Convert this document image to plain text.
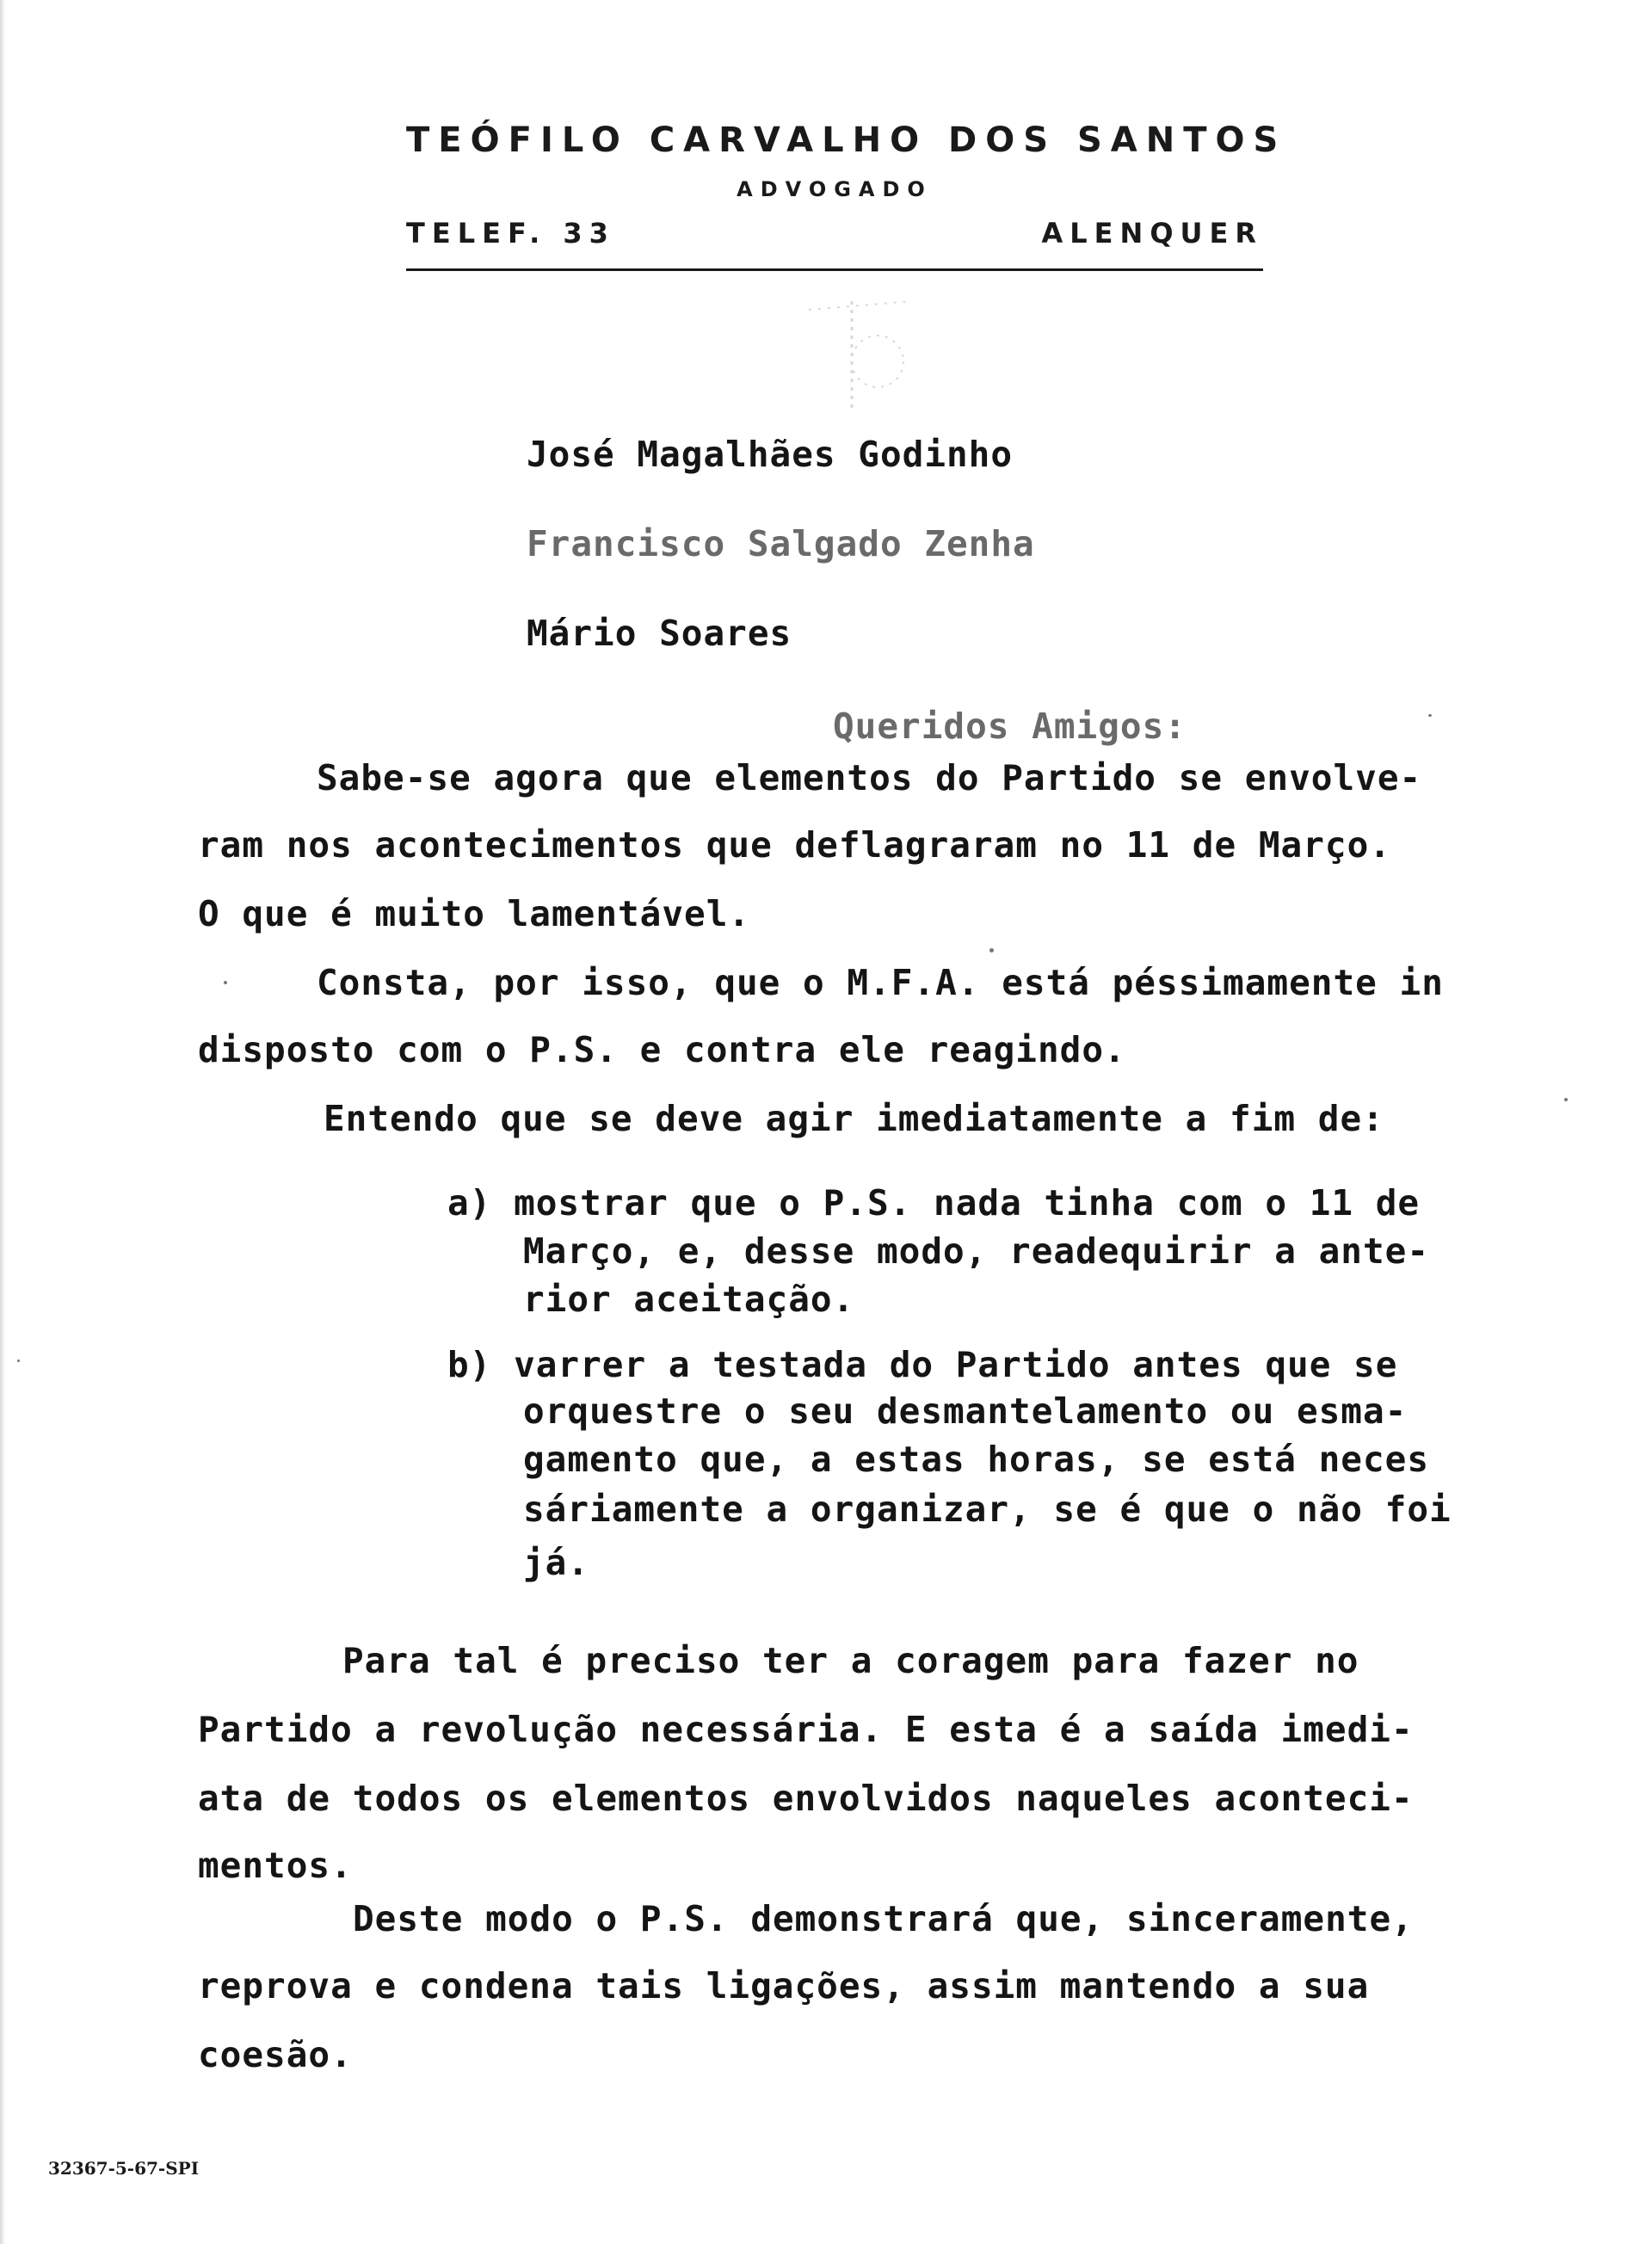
TEÓFILO CARVALHO DOS SANTOS
ADVOGADO
TELEF. 33	ALENQUER
José Magalhães Godinho
Francisco Salgado Zenha
Mário Soares
Queridos Amigos:
Sabe-se agora que elementos do Partido se envolve-
ram nos acontecimentos que deflagraram no 11 de Março.
O que é muito lamentável.
Consta, por isso, que o M.F.A. está péssimamente in
disposto com o P.S. e contra ele reagindo.
Entendo que se deve agir imediatamente a fim de:
a) mostrar que o P.S. nada tinha com o 11 de
Março, e, desse modo, readequirir a ante-
rior aceitação.
b) varrer a testada do Partido antes que se
orquestre o seu desmantelamento ou esma-
gamento que, a estas horas, se está neces
sáriamente a organizar, se é que o não foi
já.
Para tal é preciso ter a coragem para fazer no
Partido a revolução necessária. E esta é a saída imedi-
ata de todos os elementos envolvidos naqueles aconteci-
mentos.
Deste modo o P.S. demonstrará que, sinceramente,
reprova e condena tais ligações, assim mantendo a sua
coesão.
32367-5-67-SPI
